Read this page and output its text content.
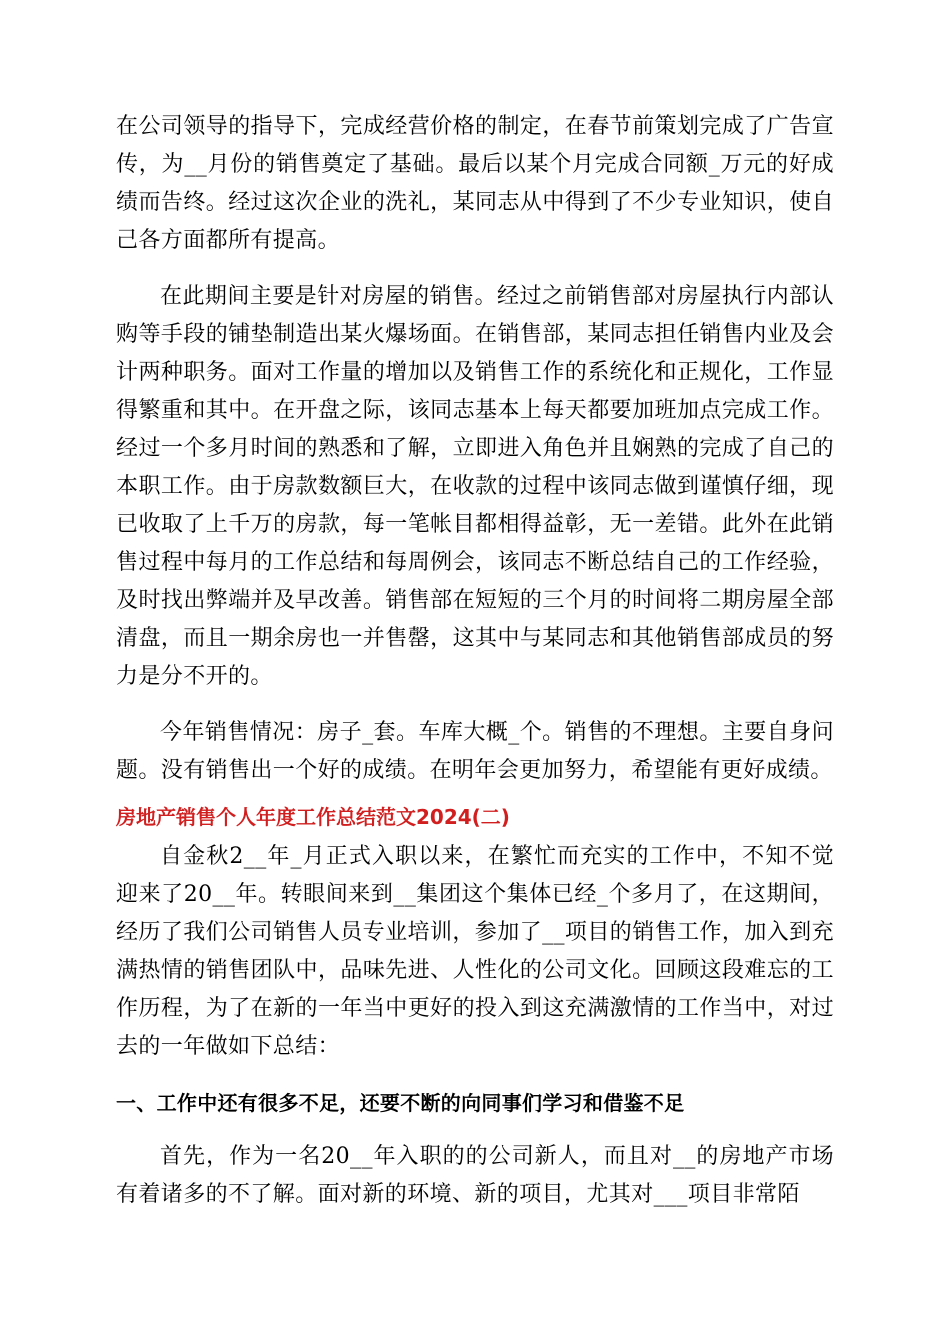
在公司领导的指导下，完成经营价格的制定，在春节前策划完成了广告宣传，为__月份的销售奠定了基础。最后以某个月完成合同额_万元的好成绩而告终。经过这次企业的洗礼，某同志从中得到了不少专业知识，使自己各方面都所有提高。

在此期间主要是针对房屋的销售。经过之前销售部对房屋执行内部认购等手段的铺垫制造出某火爆场面。在销售部，某同志担任销售内业及会计两种职务。面对工作量的增加以及销售工作的系统化和正规化，工作显得繁重和其中。在开盘之际，该同志基本上每天都要加班加点完成工作。经过一个多月时间的熟悉和了解，立即进入角色并且娴熟的完成了自己的本职工作。由于房款数额巨大，在收款的过程中该同志做到谨慎仔细，现已收取了上千万的房款，每一笔帐目都相得益彰，无一差错。此外在此销售过程中每月的工作总结和每周例会，该同志不断总结自己的工作经验，及时找出弊端并及早改善。销售部在短短的三个月的时间将二期房屋全部清盘，而且一期余房也一并售罄，这其中与某同志和其他销售部成员的努力是分不开的。

今年销售情况：房子_套。车库大概_个。销售的不理想。主要自身问题。没有销售出一个好的成绩。在明年会更加努力，希望能有更好成绩。

房地产销售个人年度工作总结范文2024(二)

自金秋2__年_月正式入职以来，在繁忙而充实的工作中，不知不觉迎来了20__年。转眼间来到__集团这个集体已经_个多月了，在这期间，经历了我们公司销售人员专业培训，参加了__项目的销售工作，加入到充满热情的销售团队中，品味先进、人性化的公司文化。回顾这段难忘的工作历程，为了在新的一年当中更好的投入到这充满激情的工作当中，对过去的一年做如下总结：

一、工作中还有很多不足，还要不断的向同事们学习和借鉴不足

首先，作为一名20__年入职的的公司新人，而且对__的房地产市场有着诸多的不了解。面对新的环境、新的项目，尤其对___项目非常陌
